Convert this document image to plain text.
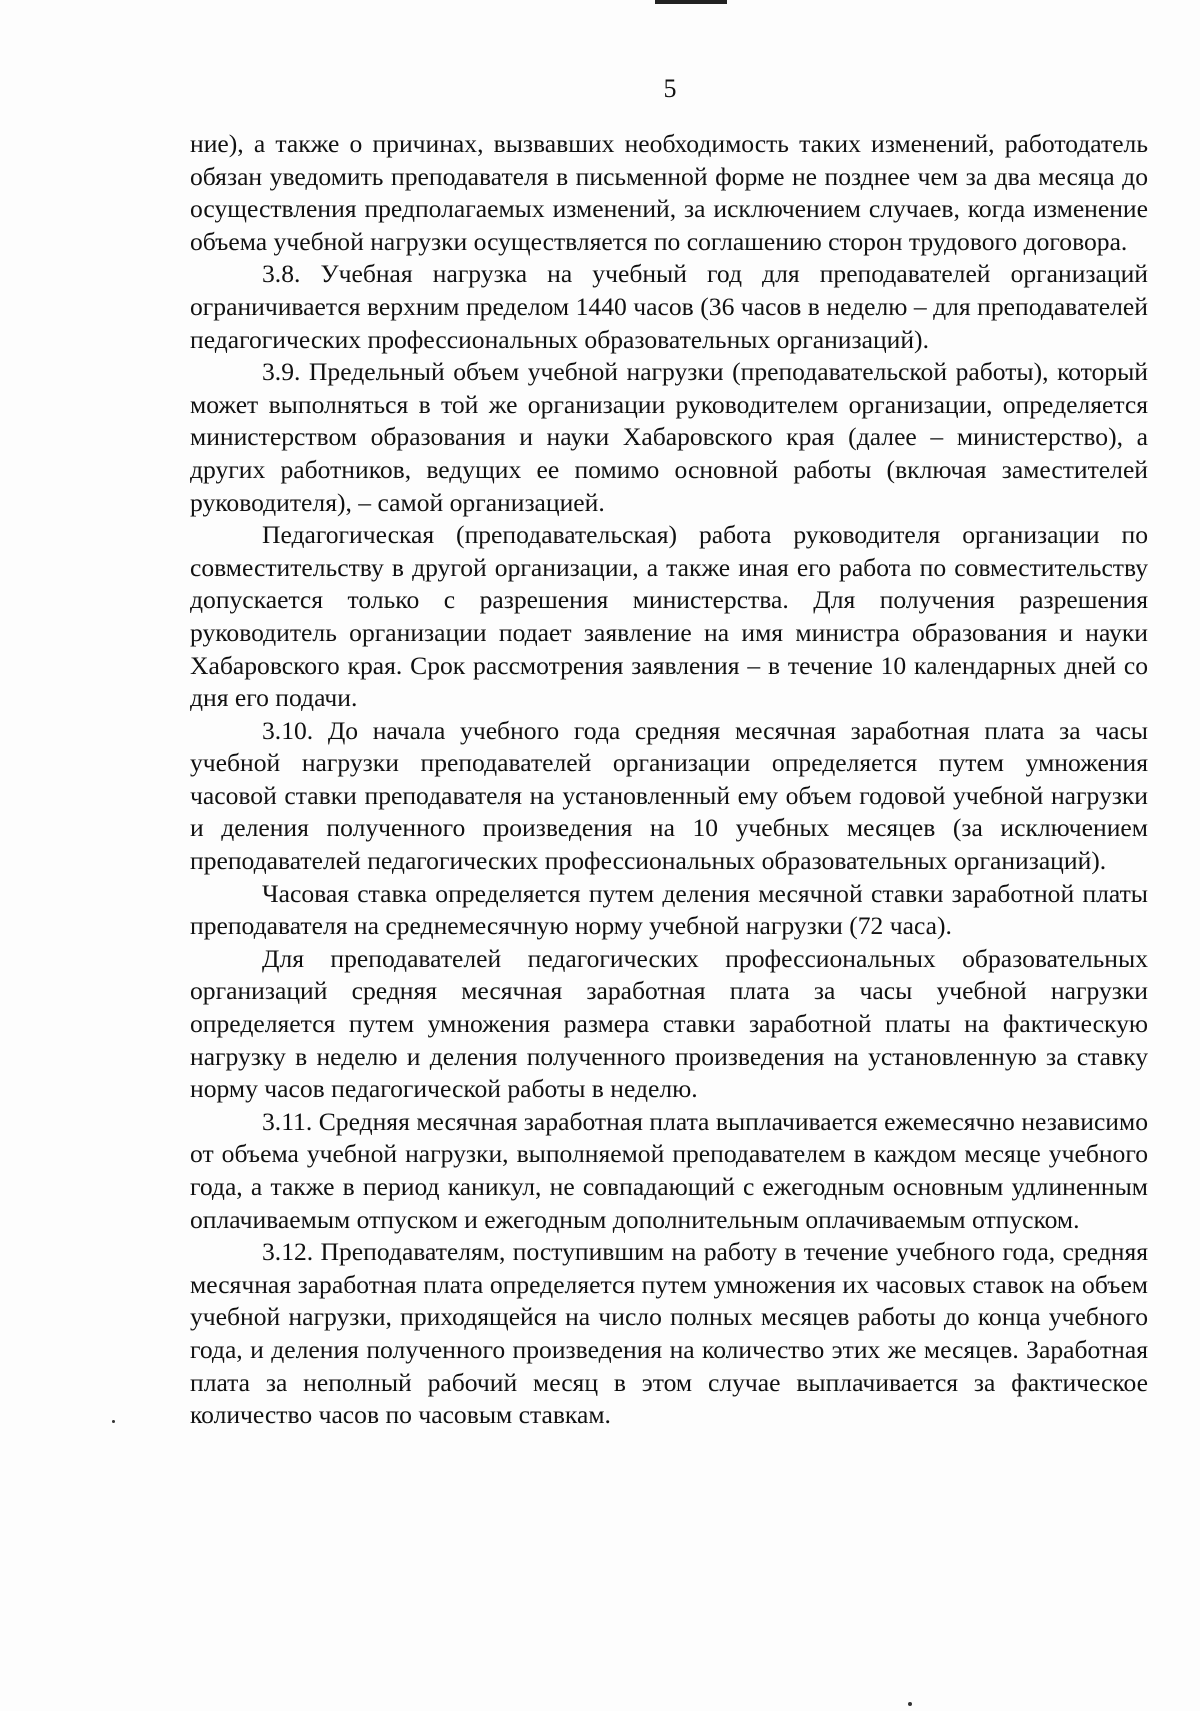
5

ние), а также о причинах, вызвавших необходимость таких изменений, работодатель обязан уведомить преподавателя в письменной форме не позднее чем за два месяца до осуществления предполагаемых изменений, за исключением случаев, когда изменение объема учебной нагрузки осуществляется по соглашению сторон трудового договора.

3.8. Учебная нагрузка на учебный год для преподавателей организаций ограничивается верхним пределом 1440 часов (36 часов в неделю – для преподавателей педагогических профессиональных образовательных организаций).

3.9. Предельный объем учебной нагрузки (преподавательской работы), который может выполняться в той же организации руководителем организации, определяется министерством образования и науки Хабаровского края (далее – министерство), а других работников, ведущих ее помимо основной работы (включая заместителей руководителя), – самой организацией.

Педагогическая (преподавательская) работа руководителя организации по совместительству в другой организации, а также иная его работа по совместительству допускается только с разрешения министерства. Для получения разрешения руководитель организации подает заявление на имя министра образования и науки Хабаровского края. Срок рассмотрения заявления – в течение 10 календарных дней со дня его подачи.

3.10. До начала учебного года средняя месячная заработная плата за часы учебной нагрузки преподавателей организации определяется путем умножения часовой ставки преподавателя на установленный ему объем годовой учебной нагрузки и деления полученного произведения на 10 учебных месяцев (за исключением преподавателей педагогических профессиональных образовательных организаций).

Часовая ставка определяется путем деления месячной ставки заработной платы преподавателя на среднемесячную норму учебной нагрузки (72 часа).

Для преподавателей педагогических профессиональных образовательных организаций средняя месячная заработная плата за часы учебной нагрузки определяется путем умножения размера ставки заработной платы на фактическую нагрузку в неделю и деления полученного произведения на установленную за ставку норму часов педагогической работы в неделю.

3.11. Средняя месячная заработная плата выплачивается ежемесячно независимо от объема учебной нагрузки, выполняемой преподавателем в каждом месяце учебного года, а также в период каникул, не совпадающий с ежегодным основным удлиненным оплачиваемым отпуском и ежегодным дополнительным оплачиваемым отпуском.

3.12. Преподавателям, поступившим на работу в течение учебного года, средняя месячная заработная плата определяется путем умножения их часовых ставок на объем учебной нагрузки, приходящейся на число полных месяцев работы до конца учебного года, и деления полученного произведения на количество этих же месяцев. Заработная плата за неполный рабочий месяц в этом случае выплачивается за фактическое количество часов по часовым ставкам.
